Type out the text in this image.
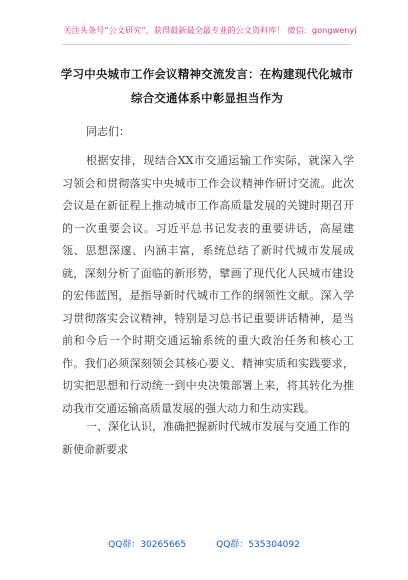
关注头条号“公文研究”，获得最新最全最专业的公文资料库！ 微信：gongwenyj
学习中央城市工作会议精神交流发言：在构建现代化城市
综合交通体系中彰显担当作为
同志们：

根据安排，现结合XX市交通运输工作实际，就深入学习领会和贯彻落实中央城市工作会议精神作研讨交流。此次会议是在新征程上推动城市工作高质量发展的关键时期召开的一次重要会议。习近平总书记发表的重要讲话，高屋建瓴、思想深邃、内涵丰富，系统总结了新时代城市发展成就，深刻分析了面临的新形势，擘画了现代化人民城市建设的宏伟蓝图，是指导新时代城市工作的纲领性文献。深入学习贯彻落实会议精神，特别是习总书记重要讲话精神，是当前和今后一个时期交通运输系统的重大政治任务和核心工作。我们必须深刻领会其核心要义、精神实质和实践要求，切实把思想和行动统一到中央决策部署上来，将其转化为推动我市交通运输高质量发展的强大动力和生动实践。

一、深化认识，准确把握新时代城市发展与交通工作的新使命新要求

QQ群：30265665	QQ群：535304092
